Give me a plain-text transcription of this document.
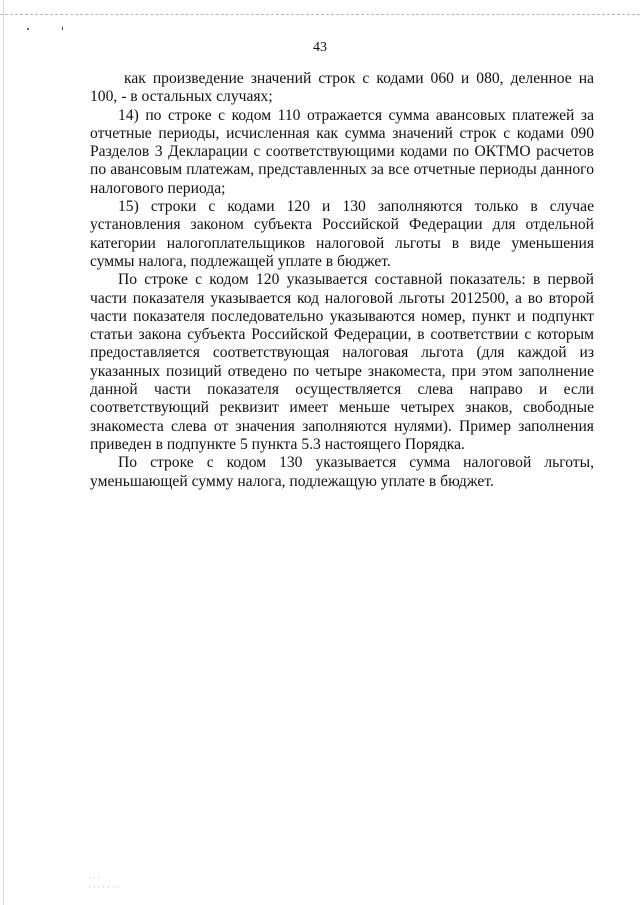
43

как произведение значений строк с кодами 060 и 080, деленное на 100, - в остальных случаях;

14) по строке с кодом 110 отражается сумма авансовых платежей за отчетные периоды, исчисленная как сумма значений строк с кодами 090 Разделов 3 Декларации с соответствующими кодами по ОКТМО расчетов по авансовым платежам, представленных за все отчетные периоды данного налогового периода;

15) строки с кодами 120 и 130 заполняются только в случае установления законом субъекта Российской Федерации для отдельной категории налогоплательщиков налоговой льготы в виде уменьшения суммы налога, подлежащей уплате в бюджет.

По строке с кодом 120 указывается составной показатель: в первой части показателя указывается код налоговой льготы 2012500, а во второй части показателя последовательно указываются номер, пункт и подпункт статьи закона субъекта Российской Федерации, в соответствии с которым предоставляется соответствующая налоговая льгота (для каждой из указанных позиций отведено по четыре знакоместа, при этом заполнение данной части показателя осуществляется слева направо и если соответствующий реквизит имеет меньше четырех знаков, свободные знакоместа слева от значения заполняются нулями). Пример заполнения приведен в подпункте 5 пункта 5.3 настоящего Порядка.

По строке с кодом 130 указывается сумма налоговой льготы, уменьшающей сумму налога, подлежащую уплате в бюджет.

⁠· · ·
· · · · · · ·
